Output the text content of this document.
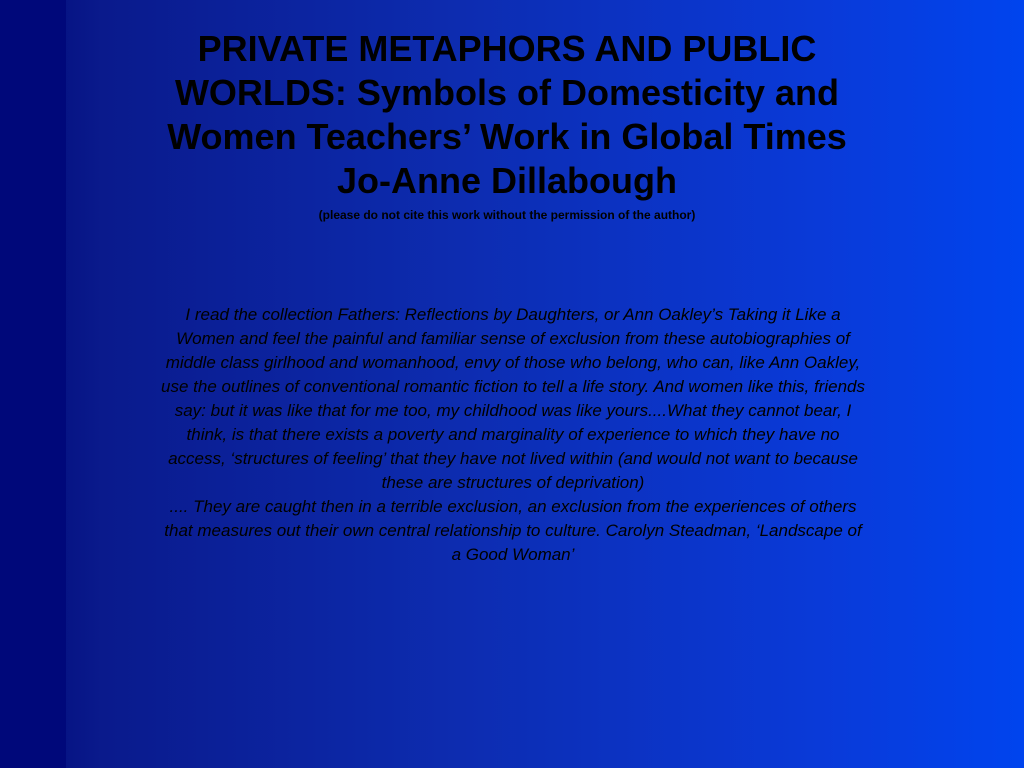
PRIVATE METAPHORS AND PUBLIC
WORLDS: Symbols of Domesticity and
Women Teachers’ Work in Global Times
Jo-Anne Dillabough
(please do not cite this work without the permission of the author)

I read the collection Fathers: Reflections by Daughters, or Ann Oakley’s Taking it Like a Women and feel the painful and familiar sense of exclusion from these autobiographies of middle class girlhood and womanhood, envy of those who belong, who can, like Ann Oakley, use the outlines of conventional romantic fiction to tell a life story. And women like this, friends say: but it was like that for me too, my childhood was like yours....What they cannot bear, I think, is that there exists a poverty and marginality of experience to which they have no access, ‘structures of feeling’ that they have not lived within (and would not want to because these are structures of deprivation)

.... They are caught then in a terrible exclusion, an exclusion from the experiences of others that measures out their own central relationship to culture. Carolyn Steadman, ‘Landscape of a Good Woman’
